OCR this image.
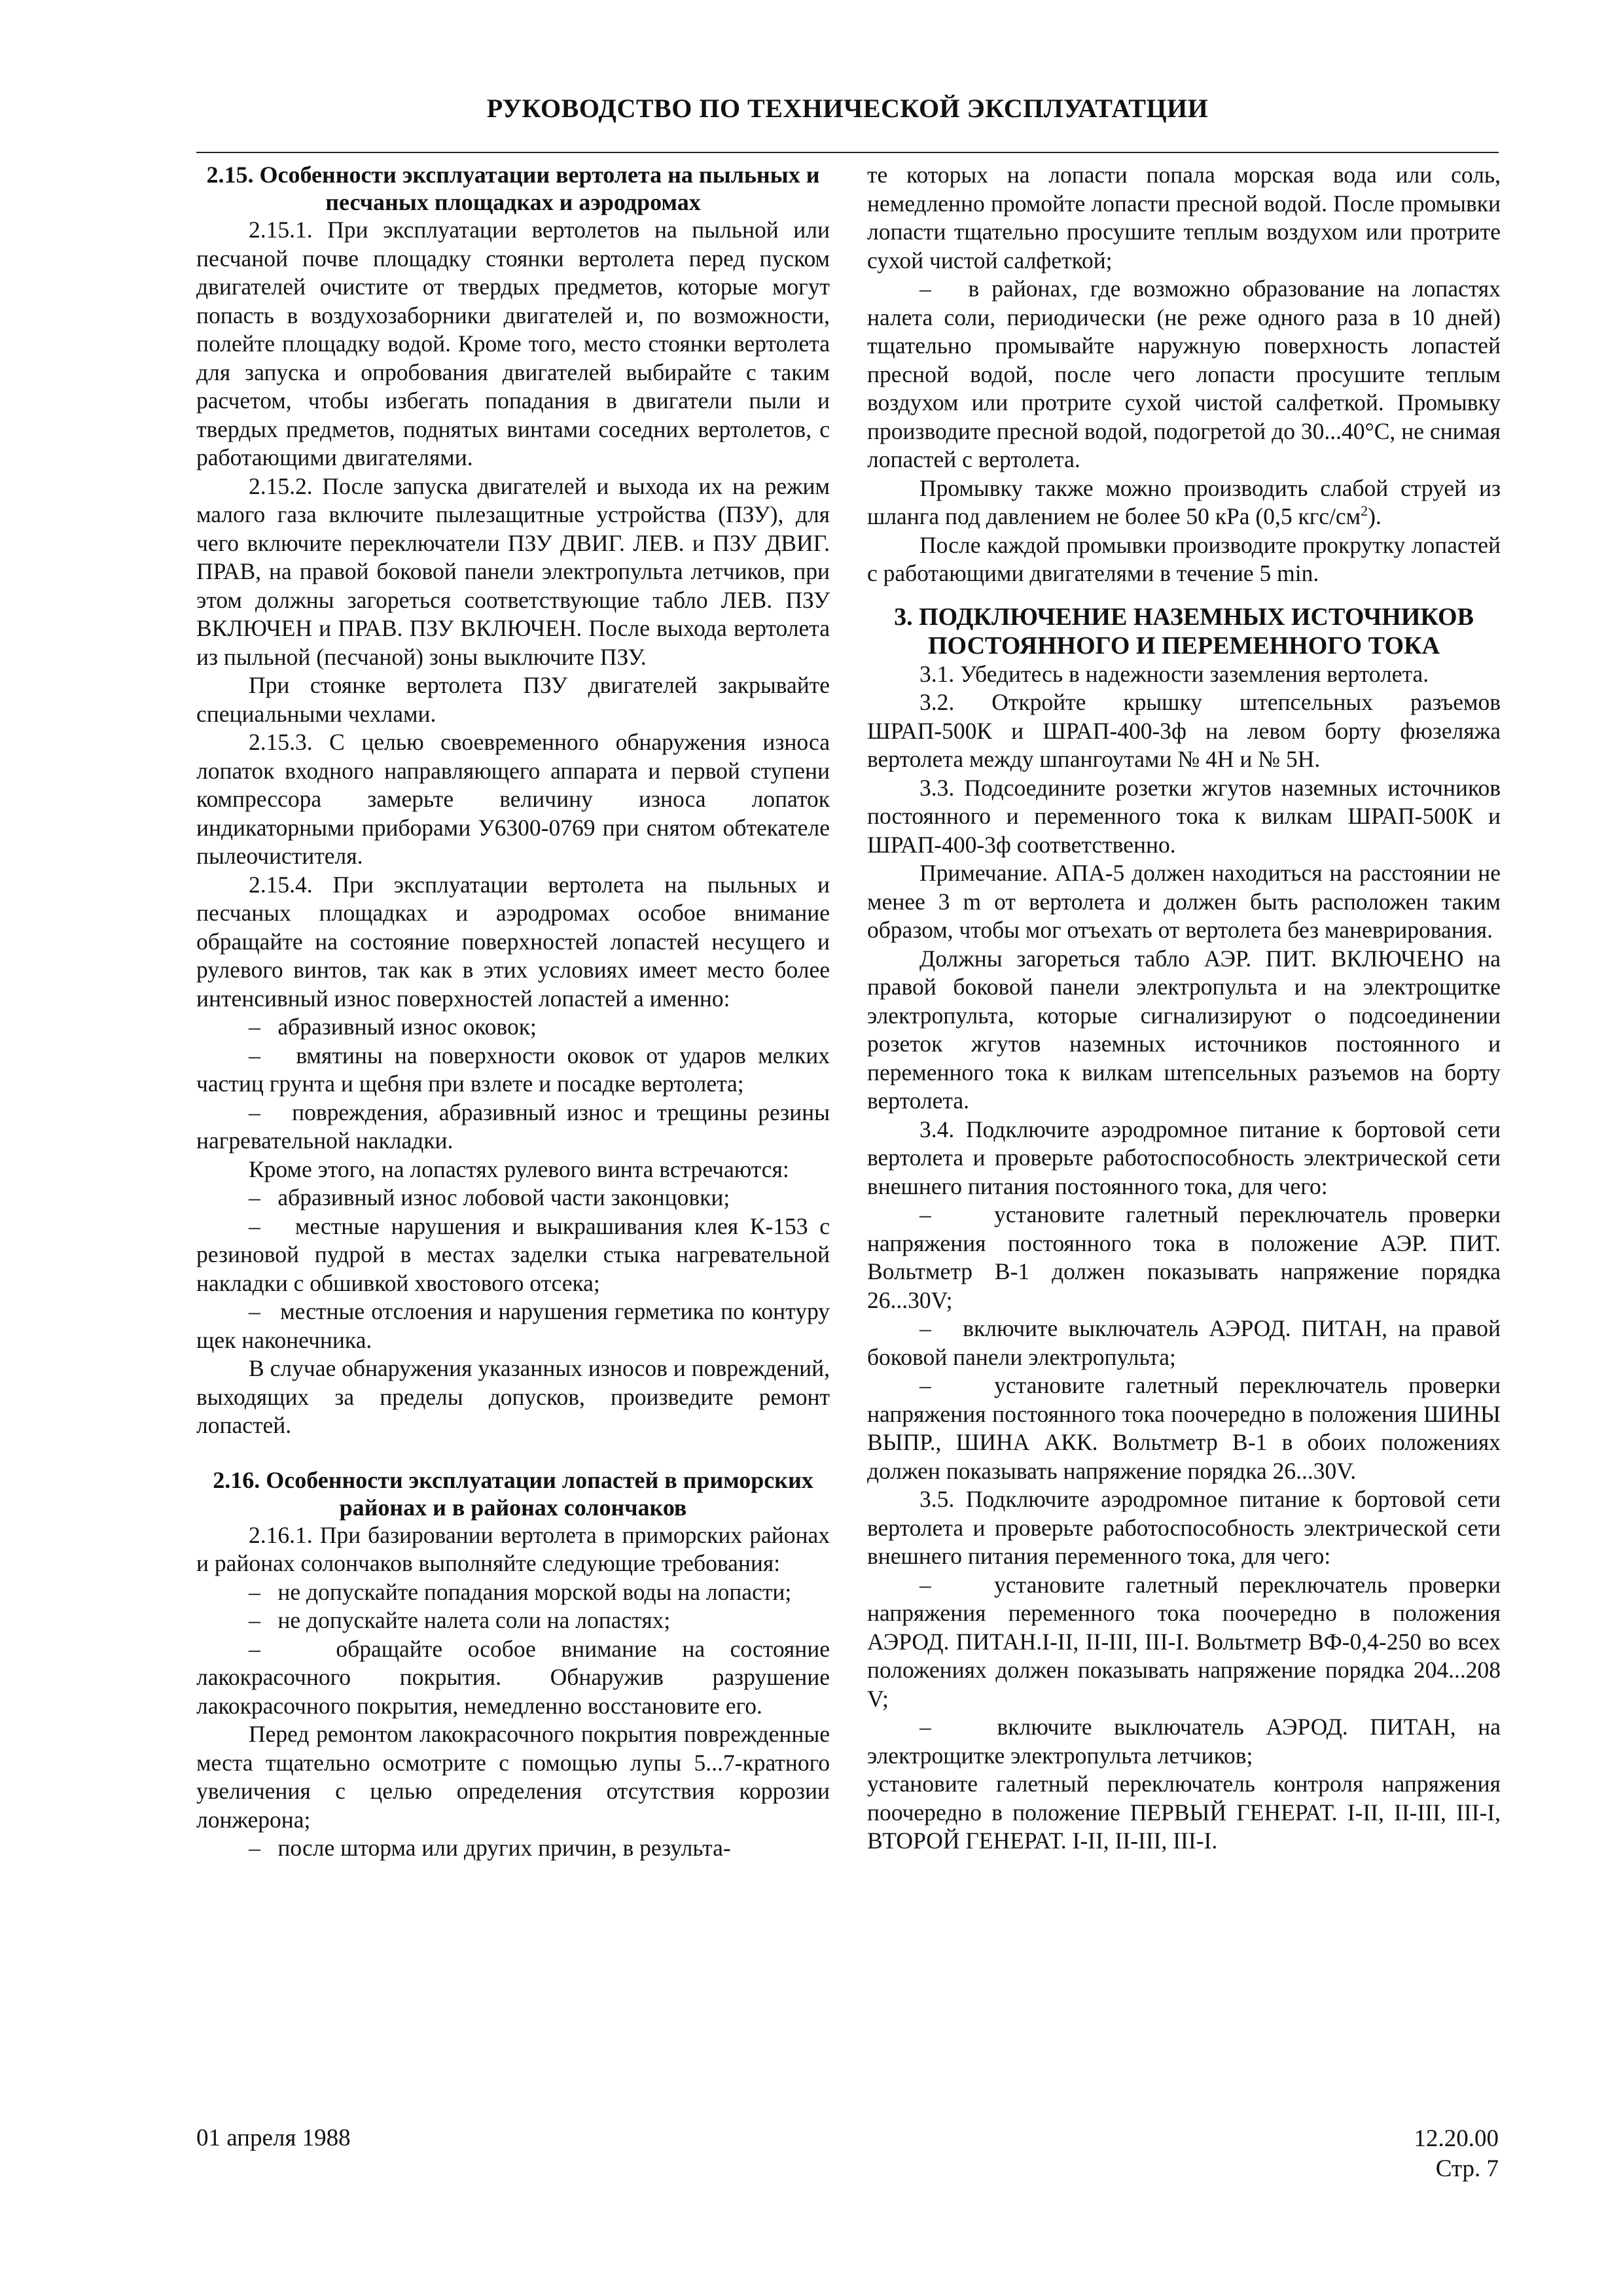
РУКОВОДСТВО ПО ТЕХНИЧЕСКОЙ ЭКСПЛУАТАТЦИИ

2.15. Особенности эксплуатации вертолета на пыльных и песчаных площадках и аэродромах

2.15.1. При эксплуатации вертолетов на пыльной или песчаной почве площадку стоянки вертолета перед пуском двигателей очистите от твердых предметов, которые могут попасть в воздухозаборники двигателей и, по возможности, полейте площадку водой. Кроме того, место стоянки вертолета для запуска и опробования двигателей выбирайте с таким расчетом, чтобы избегать попадания в двигатели пыли и твердых предметов, поднятых винтами соседних вертолетов, с работающими двигателями.

2.15.2. После запуска двигателей и выхода их на режим малого газа включите пылезащитные устройства (ПЗУ), для чего включите переключатели ПЗУ ДВИГ. ЛЕВ. и ПЗУ ДВИГ. ПРАВ, на правой боковой панели электропульта летчиков, при этом должны загореться соответствующие табло ЛЕВ. ПЗУ ВКЛЮЧЕН и ПРАВ. ПЗУ ВКЛЮЧЕН. После выхода вертолета из пыльной (песчаной) зоны выключите ПЗУ.

При стоянке вертолета ПЗУ двигателей закрывайте специальными чехлами.

2.15.3. С целью своевременного обнаружения износа лопаток входного направляющего аппарата и первой ступени компрессора замерьте величину износа лопаток индикаторными приборами У6300-0769 при снятом обтекателе пылеочистителя.

2.15.4. При эксплуатации вертолета на пыльных и песчаных площадках и аэродромах особое внимание обращайте на состояние поверхностей лопастей несущего и рулевого винтов, так как в этих условиях имеет место более интенсивный износ поверхностей лопастей а именно:

–   абразивный износ оковок;

–   вмятины на поверхности оковок от ударов мелких частиц грунта и щебня при взлете и посадке вертолета;

–   повреждения, абразивный износ и трещины резины нагревательной накладки.

Кроме этого, на лопастях рулевого винта встречаются:

–   абразивный износ лобовой части законцовки;

–   местные нарушения и выкрашивания клея К-153 с резиновой пудрой в местах заделки стыка нагревательной накладки с обшивкой хвостового отсека;

–   местные отслоения и нарушения герметика по контуру щек наконечника.

В случае обнаружения указанных износов и повреждений, выходящих за пределы допусков, произведите ремонт лопастей.

2.16. Особенности эксплуатации лопастей в приморских районах и в районах солончаков

2.16.1. При базировании вертолета в приморских районах и районах солончаков выполняйте следующие требования:

–   не допускайте попадания морской воды на лопасти;

–   не допускайте налета соли на лопастях;

–   обращайте особое внимание на состояние лакокрасочного покрытия. Обнаружив разрушение лакокрасочного покрытия, немедленно восстановите его.

Перед ремонтом лакокрасочного покрытия поврежденные места тщательно осмотрите с помощью лупы 5...7-кратного увеличения с целью определения отсутствия коррозии лонжерона;

–   после шторма или других причин, в результа-

те которых на лопасти попала морская вода или соль, немедленно промойте лопасти пресной водой. После промывки лопасти тщательно просушите теплым воздухом или протрите сухой чистой салфеткой;

–   в районах, где возможно образование на лопастях налета соли, периодически (не реже одного раза в 10 дней) тщательно промывайте наружную поверхность лопастей пресной водой, после чего лопасти просушите теплым воздухом или протрите сухой чистой салфеткой. Промывку производите пресной водой, подогретой до 30...40°С, не снимая лопастей с вертолета.

Промывку также можно производить слабой струей из шланга под давлением не более 50 кРа (0,5 кгс/$см^2$).

После каждой промывки производите прокрутку лопастей с работающими двигателями в течение 5 min.

3. ПОДКЛЮЧЕНИЕ НАЗЕМНЫХ ИСТОЧНИКОВ ПОСТОЯННОГО И ПЕРЕМЕННОГО ТОКА

3.1. Убедитесь в надежности заземления вертолета.

3.2. Откройте крышку штепсельных разъемов ШРАП-500К и ШРАП-400-3ф на левом борту фюзеляжа вертолета между шпангоутами № 4Н и № 5Н.

3.3. Подсоедините розетки жгутов наземных источников постоянного и переменного тока к вилкам ШРАП-500К и ШРАП-400-3ф соответственно.

Примечание. АПА-5 должен находиться на расстоянии не менее 3 m от вертолета и должен быть расположен таким образом, чтобы мог отъехать от вертолета без маневрирования.

Должны загореться табло АЭР. ПИТ. ВКЛЮЧЕНО на правой боковой панели электропульта и на электрощитке электропульта, которые сигнализируют о подсоединении розеток жгутов наземных источников постоянного и переменного тока к вилкам штепсельных разъемов на борту вертолета.

3.4. Подключите аэродромное питание к бортовой сети вертолета и проверьте работоспособность электрической сети внешнего питания постоянного тока, для чего:

–   установите галетный переключатель проверки напряжения постоянного тока в положение АЭР. ПИТ. Вольтметр В-1 должен показывать напряжение порядка 26...30V;

–   включите выключатель АЭРОД. ПИТАН, на правой боковой панели электропульта;

–   установите галетный переключатель проверки напряжения постоянного тока поочередно в положения ШИНЫ ВЫПР., ШИНА АКК. Вольтметр В-1 в обоих положениях должен показывать напряжение порядка 26...30V.

3.5. Подключите аэродромное питание к бортовой сети вертолета и проверьте работоспособность электрической сети внешнего питания переменного тока, для чего:

–   установите галетный переключатель проверки напряжения переменного тока поочередно в положения АЭРОД. ПИТАН.I-II, II-III, III-I. Вольтметр ВФ-0,4-250 во всех положениях должен показывать напряжение порядка 204...208 V;

–   включите выключатель АЭРОД. ПИТАН, на электрощитке электропульта летчиков;

установите галетный переключатель контроля напряжения поочередно в положение ПЕРВЫЙ ГЕНЕРАТ. I-II, II-III, III-I, ВТОРОЙ ГЕНЕРАТ. I-II, II-III, III-I.

01 апреля 1988	12.20.00
Стр. 7
